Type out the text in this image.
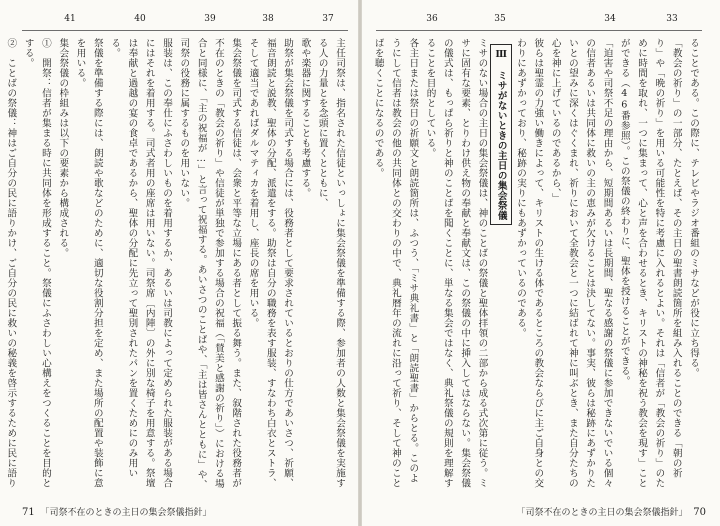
41	40	39	38	37

主任司祭は、指名された信徒といっしょに集会祭儀を準備する際、参加者の人数と集会祭儀を実施する人の力量とを念頭に置くとともに、

歌や楽器に関することも考慮する。

助祭が集会祭儀を司式する場合には、役務者として要求されているとおりの仕方であいさつ、祈願、福音朗読と説教、聖体の分配、派遣をする。助祭は自分の職務を表す服装、すなわち白衣とストラ、そして適当であればダルマティカを着用し、座長の席を用いる。

集会祭儀を司式する信徒は、会衆と平等な立場にある者として振る舞う。また、叙階された役務者が不在のときの「教会の祈り」や信徒が単独で参加する場合の祝福（「賛美と感謝の祈り」）における場合と同様に、「主の祝福が…」と言って祝福する。あいさつのことばや、「主は皆さんとともに」や、司祭の役務に属するものを用いない。

服装は、この奉仕にふさわしいものを着用するか、あるいは司教によって定められた服装がある場合にはそれを着用する。司式者用の座席は用いない。司祭席〔内陣〕の外に別な椅子を用意する。祭壇は奉献と過越の宴の食卓であるから、聖体の分配に先立って聖別されたパンを置くためにのみ用いる。

祭儀を準備する際には、朗読や歌などのために、適切な役割分担を定め、また場所の配置や装飾に意を用いる。

集会祭儀の枠組みは以下の要素から構成される。

①　開祭：信者が集まる時に共同体を形成すること。祭儀にふさわしい心構えをつくることを目的とする。

②　ことばの祭儀：神はご自分の民に語りかけ、ご自分の民に救いの秘義を啓示するために民に語り

71 「司祭不在のときの主日の集会祭儀指針」
36	35	34	33

ることである。この際に、テレビやラジオ番組のミサなどが役に立ち得る。

「教会の祈り」の一部分、たとえば、その主日の聖書朗読箇所を組み入れることのできる「朝の祈り」や「晩の祈り」を用いる可能性を特に考慮に入れるとよい。それは「信者が「教会の祈り」のために時間を取れ、一つに集まって、心と声を合わせるとき、キリストの神秘を祝う教会を現す」ことができる（46番参照）。この祭儀の終わりに、聖体を授けることができる。

「迫害や司祭不足の理由から、短期間あるいは長期間、聖なる感謝の祭儀に参加できないでいる個々の信者あるいは共同体に救いの主の恵みが欠けることは決してない。事実、彼らは秘跡にあずかりたいとの望みに深くはぐくまれ、祈りにおいて全教会と一つに結ばれて神に叫ぶとき、また自分たちの心を神に上げているのであるから、」

彼らは聖霊の力強い働きによって、キリストの生ける体であるところの教会ならびに主ご自身との交わりにあずかっており、秘跡の実りにもあずかっているのである。

Ⅲ　ミサがないときの主日の集会祭儀

ミサのない場合の主日の集会祭儀は、神のことばの祭儀と聖体拝領の二部から成る式次第に従う。ミサに固有な要素、とりわけ供え物の奉献と奉献文は、この祭儀の中に挿入してはならない。集会祭儀の儀式は、もっぱら祈りと神のことばを聞くことに、単なる集会ではなく、典礼祭儀の規則を理解することを目的としている。

各主日または祭日の祈願文と朗読箇所は、ふつう、「ミサ典礼書」と「朗読聖書」からとる。このようにして信者は教会の他の共同体との交わりの中で、典礼暦年の流れに沿って祈り、そして神のことばを聴くことになるのである。

「司祭不在のときの主日の集会祭儀指針」 70
